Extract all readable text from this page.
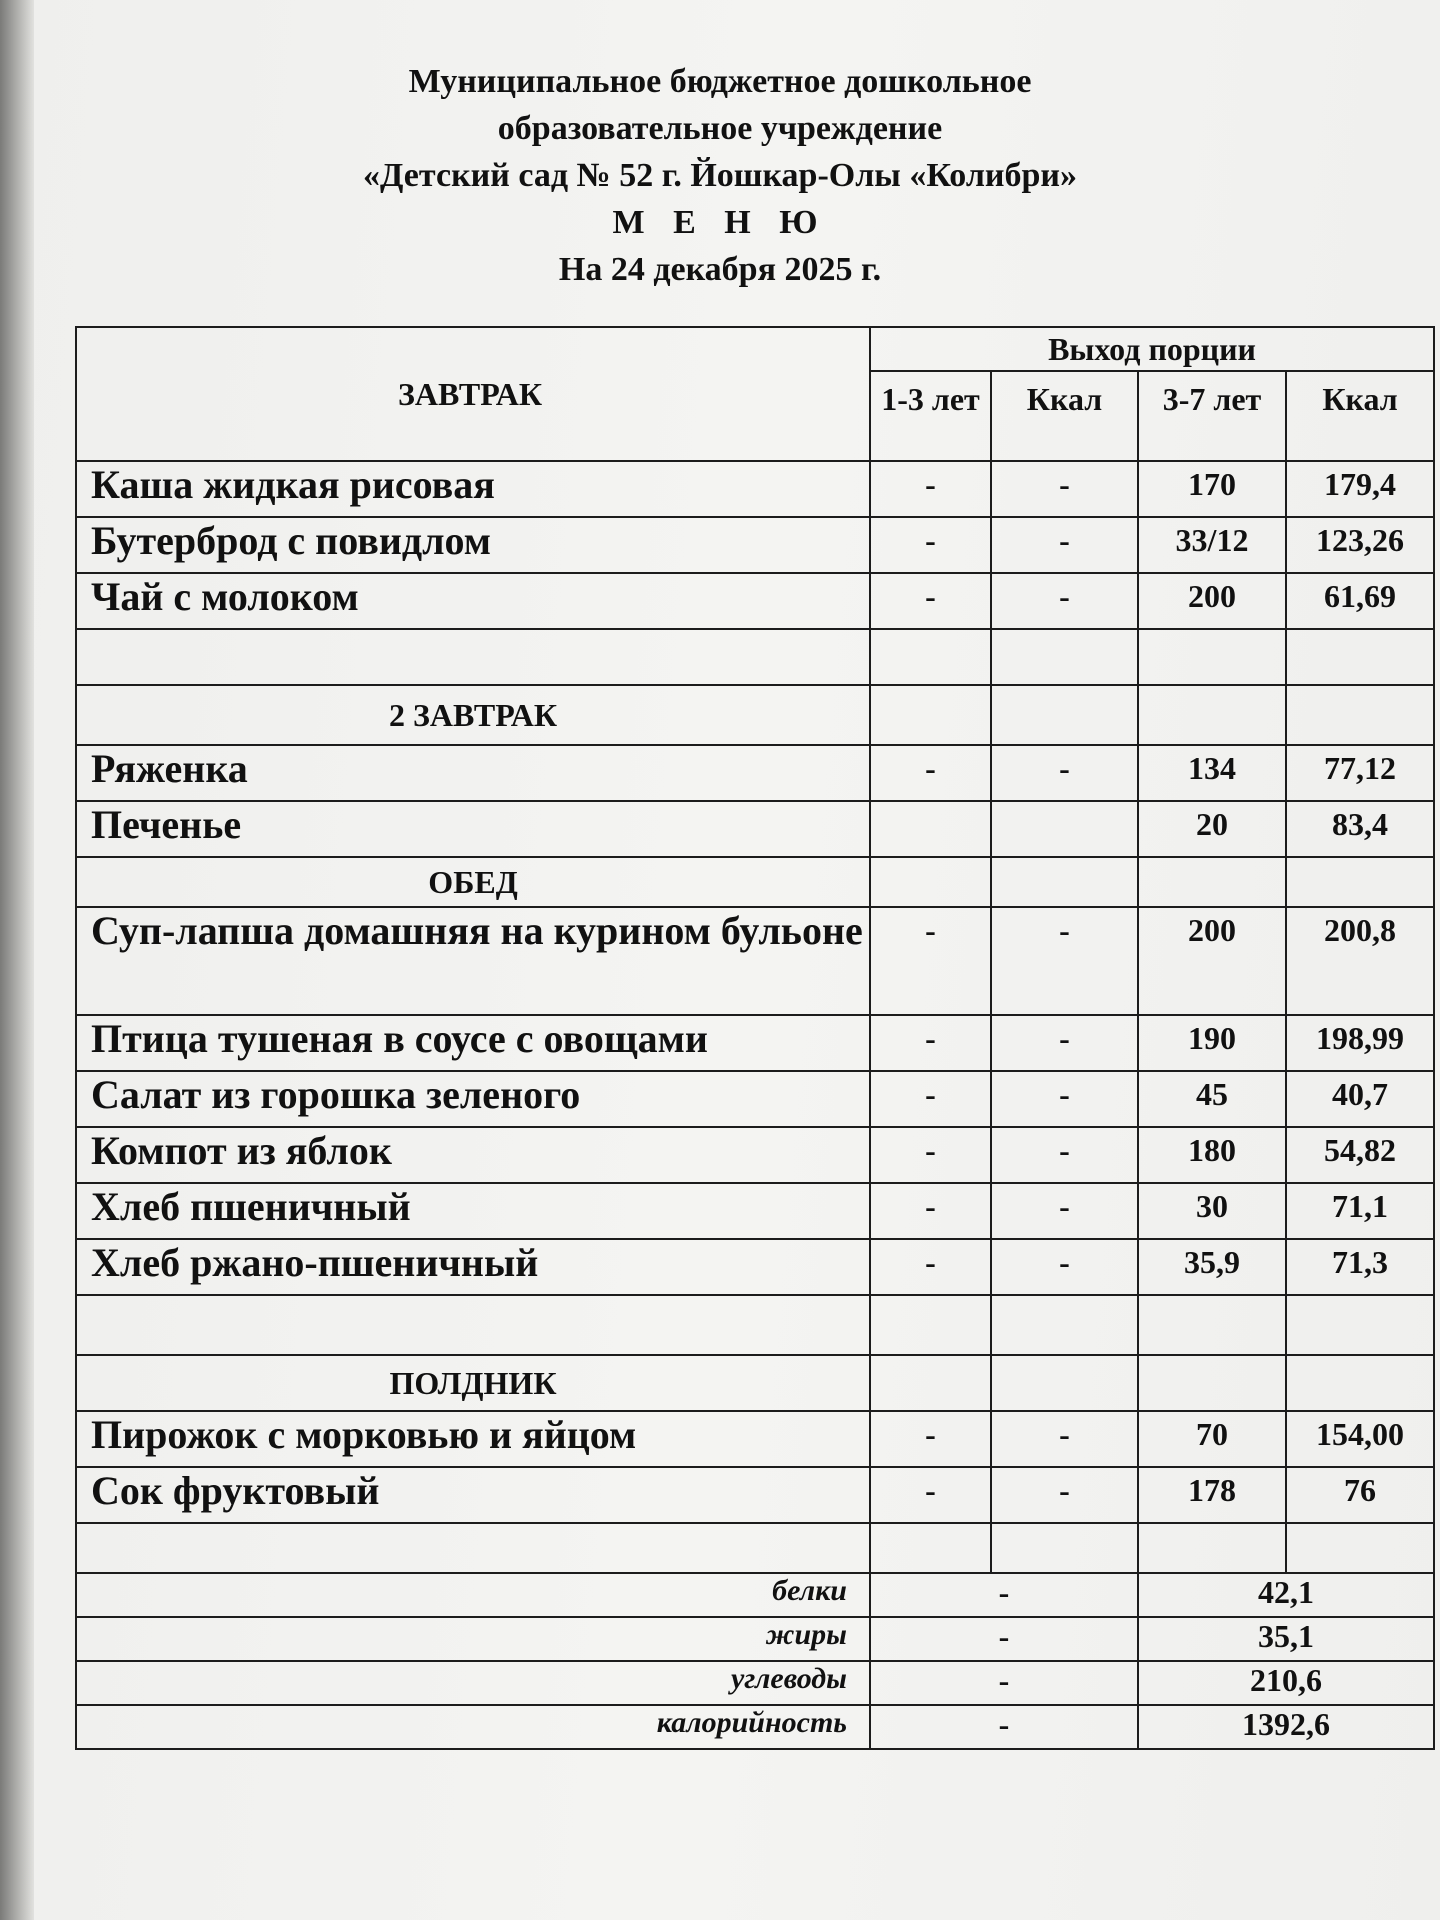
Муниципальное бюджетное дошкольное
образовательное учреждение
«Детский сад № 52 г. Йошкар-Олы «Колибри»
М Е Н Ю
На 24 декабря 2025 г.
ЗАВТРАК	Выход порции			
	1-3 лет	Ккал	3-7 лет	Ккал
Каша жидкая рисовая	-	-	170	179,4
Бутерброд с повидлом	-	-	33/12	123,26
Чай с молоком	-	-	200	61,69

2 ЗАВТРАК				
Ряженка	-	-	134	77,12
Печенье			20	83,4
ОБЕД				
Суп-лапша домашняя на курином бульоне	-	-	200	200,8
Птица тушеная в соусе с овощами	-	-	190	198,99
Салат из горошка зеленого	-	-	45	40,7
Компот из яблок	-	-	180	54,82
Хлеб пшеничный	-	-	30	71,1
Хлеб ржано-пшеничный	-	-	35,9	71,3

ПОЛДНИК				
Пирожок с морковью и яйцом	-	-	70	154,00
Сок фруктовый	-	-	178	76

белки	-		42,1	
жиры	-		35,1	
углеводы	-		210,6	
калорийность	-		1392,6	
